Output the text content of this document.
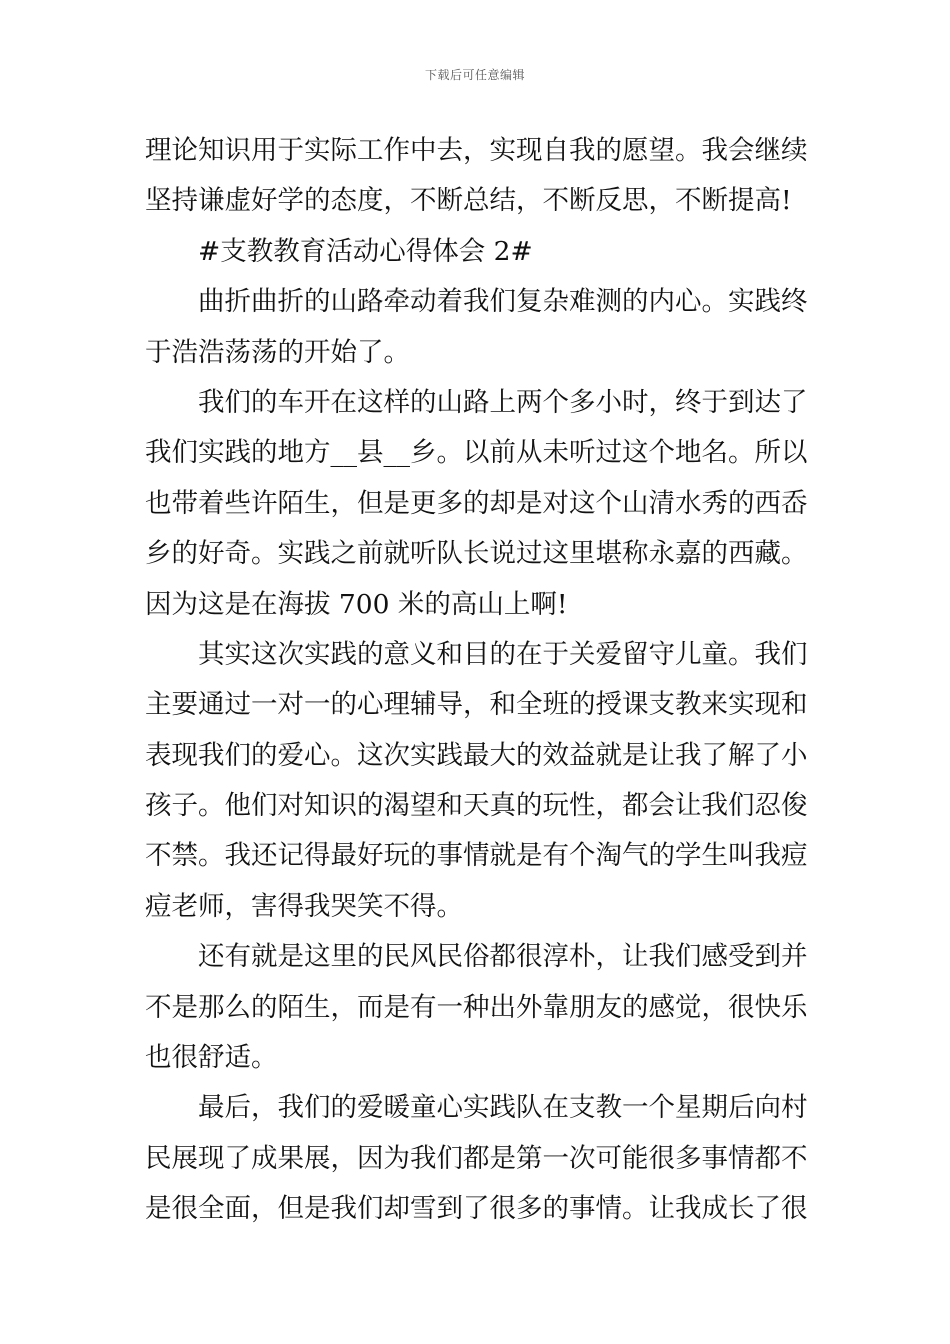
下载后可任意编辑
理论知识用于实际工作中去，实现自我的愿望。我会继续
坚持谦虚好学的态度，不断总结，不断反思，不断提高!
#支教教育活动心得体会 2#
曲折曲折的山路牵动着我们复杂难测的内心。实践终
于浩浩荡荡的开始了。
我们的车开在这样的山路上两个多小时，终于到达了
我们实践的地方__县__乡。以前从未听过这个地名。所以
也带着些许陌生，但是更多的却是对这个山清水秀的西岙
乡的好奇。实践之前就听队长说过这里堪称永嘉的西藏。
因为这是在海拔 700 米的高山上啊!
其实这次实践的意义和目的在于关爱留守儿童。我们
主要通过一对一的心理辅导，和全班的授课支教来实现和
表现我们的爱心。这次实践最大的效益就是让我了解了小
孩子。他们对知识的渴望和天真的玩性，都会让我们忍俊
不禁。我还记得最好玩的事情就是有个淘气的学生叫我痘
痘老师，害得我哭笑不得。
还有就是这里的民风民俗都很淳朴，让我们感受到并
不是那么的陌生，而是有一种出外靠朋友的感觉，很快乐
也很舒适。
最后，我们的爱暖童心实践队在支教一个星期后向村
民展现了成果展，因为我们都是第一次可能很多事情都不
是很全面，但是我们却雪到了很多的事情。让我成长了很
